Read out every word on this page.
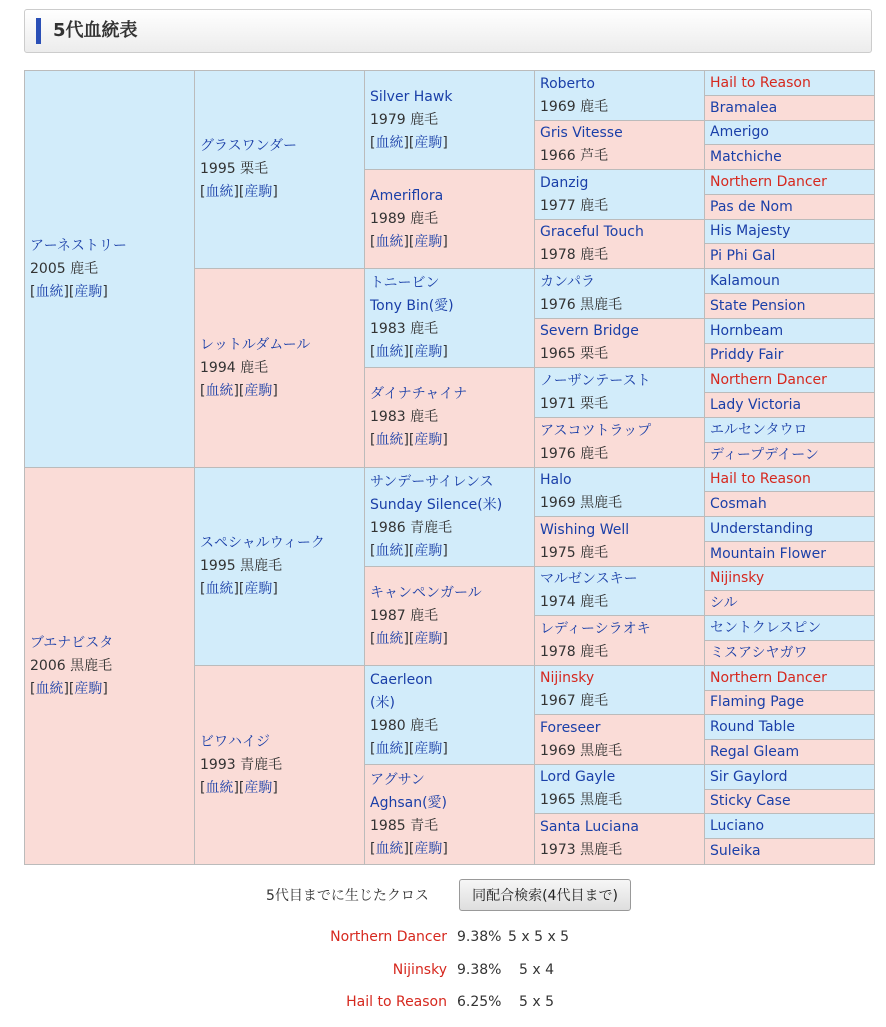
5代血統表
アーネストリー
2005 鹿毛
[血統][産駒]
ブエナビスタ
2006 黒鹿毛
[血統][産駒]
グラスワンダー
1995 栗毛
[血統][産駒]
レットルダムール
1994 鹿毛
[血統][産駒]
スペシャルウィーク
1995 黒鹿毛
[血統][産駒]
ビワハイジ
1993 青鹿毛
[血統][産駒]
Silver Hawk
1979 鹿毛
[血統][産駒]
Ameriflora
1989 鹿毛
[血統][産駒]
トニービン
Tony Bin(愛)
1983 鹿毛
[血統][産駒]
ダイナチャイナ
1983 鹿毛
[血統][産駒]
サンデーサイレンス
Sunday Silence(米)
1986 青鹿毛
[血統][産駒]
キャンペンガール
1987 鹿毛
[血統][産駒]
Caerleon
(米)
1980 鹿毛
[血統][産駒]
アグサン
Aghsan(愛)
1985 青毛
[血統][産駒]
Roberto
1969 鹿毛
Gris Vitesse
1966 芦毛
Danzig
1977 鹿毛
Graceful Touch
1978 鹿毛
カンパラ
1976 黒鹿毛
Severn Bridge
1965 栗毛
ノーザンテースト
1971 栗毛
アスコツトラップ
1976 鹿毛
Halo
1969 黒鹿毛
Wishing Well
1975 鹿毛
マルゼンスキー
1974 鹿毛
レディーシラオキ
1978 鹿毛
Nijinsky
1967 鹿毛
Foreseer
1969 黒鹿毛
Lord Gayle
1965 黒鹿毛
Santa Luciana
1973 黒鹿毛
Hail to Reason
Bramalea
Amerigo
Matchiche
Northern Dancer
Pas de Nom
His Majesty
Pi Phi Gal
Kalamoun
State Pension
Hornbeam
Priddy Fair
Northern Dancer
Lady Victoria
エルセンタウロ
ディープデイーン
Hail to Reason
Cosmah
Understanding
Mountain Flower
Nijinsky
シル
セントクレスピン
ミスアシヤガワ
Northern Dancer
Flaming Page
Round Table
Regal Gleam
Sir Gaylord
Sticky Case
Luciano
Suleika
5代目までに生じたクロス	同配合検索(4代目まで)
Northern Dancer 9.38% 5 x 5 x 5
Nijinsky 9.38% 5 x 4
Hail to Reason 6.25% 5 x 5
